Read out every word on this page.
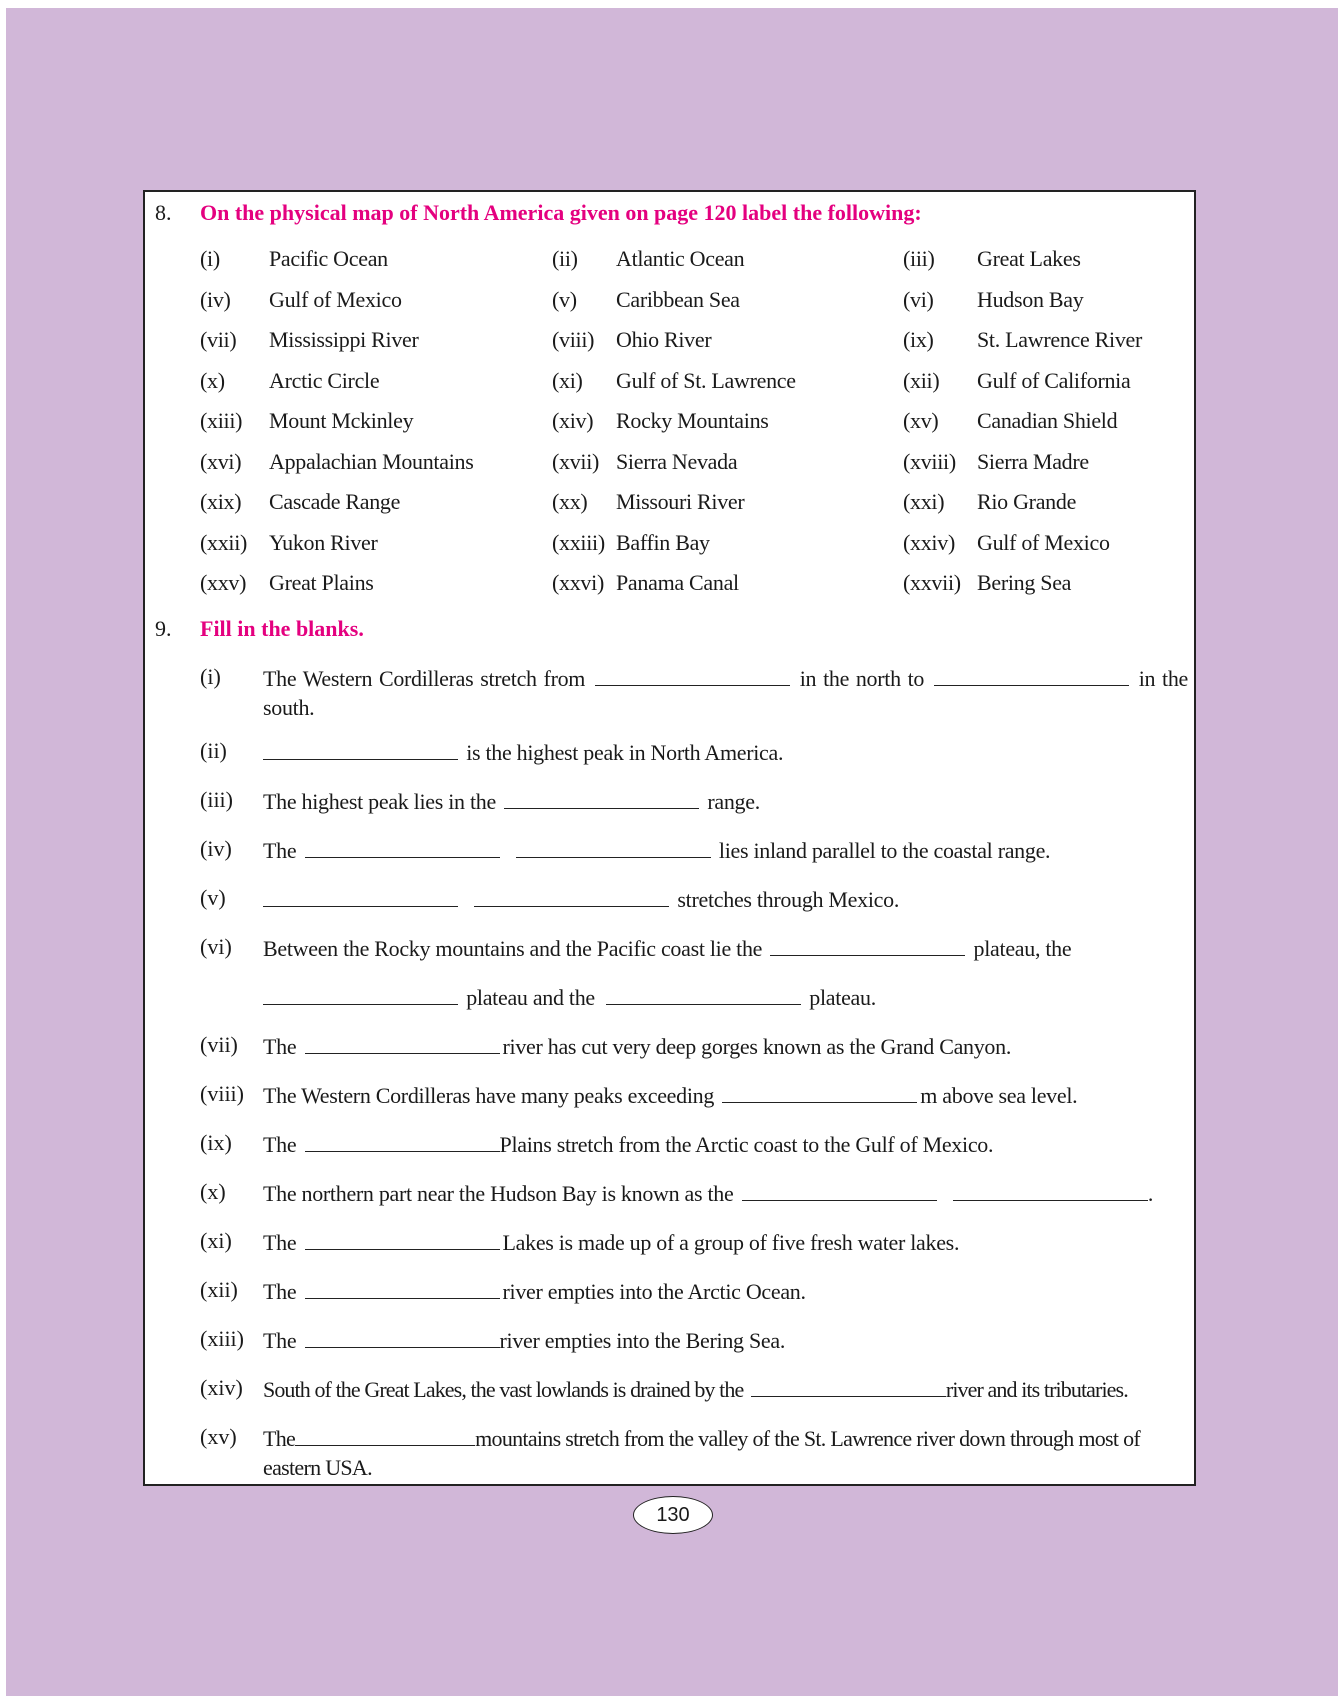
8. On the physical map of North America given on page 120 label the following:
(i) Pacific Ocean	(ii) Atlantic Ocean	(iii) Great Lakes
(iv) Gulf of Mexico	(v) Caribbean Sea	(vi) Hudson Bay
(vii) Mississippi River	(viii) Ohio River	(ix) St. Lawrence River
(x) Arctic Circle	(xi) Gulf of St. Lawrence	(xii) Gulf of California
(xiii) Mount Mckinley	(xiv) Rocky Mountains	(xv) Canadian Shield
(xvi) Appalachian Mountains	(xvii) Sierra Nevada	(xviii) Sierra Madre
(xix) Cascade Range	(xx) Missouri River	(xxi) Rio Grande
(xxii) Yukon River	(xxiii) Baffin Bay	(xxiv) Gulf of Mexico
(xxv) Great Plains	(xxvi) Panama Canal	(xxvii) Bering Sea
9. Fill in the blanks.
(i) The Western Cordilleras stretch from	in the north to	in the south.
(ii)	is the highest peak in North America.
(iii) The highest peak lies in the	range.
(iv) The	lies inland parallel to the coastal range.
(v)	stretches through Mexico.
(vi) Between the Rocky mountains and the Pacific coast lie the	plateau, the
plateau and the	plateau.
(vii) The	river has cut very deep gorges known as the Grand Canyon.
(viii) The Western Cordilleras have many peaks exceeding	m above sea level.
(ix) The	Plains stretch from the Arctic coast to the Gulf of Mexico.
(x) The northern part near the Hudson Bay is known as the	.
(xi) The	Lakes is made up of a group of five fresh water lakes.
(xii) The	river empties into the Arctic Ocean.
(xiii) The	river empties into the Bering Sea.
(xiv) South of the Great Lakes, the vast lowlands is drained by the	river and its tributaries.
(xv) The	mountains stretch from the valley of the St. Lawrence river down through most of eastern USA.
130
